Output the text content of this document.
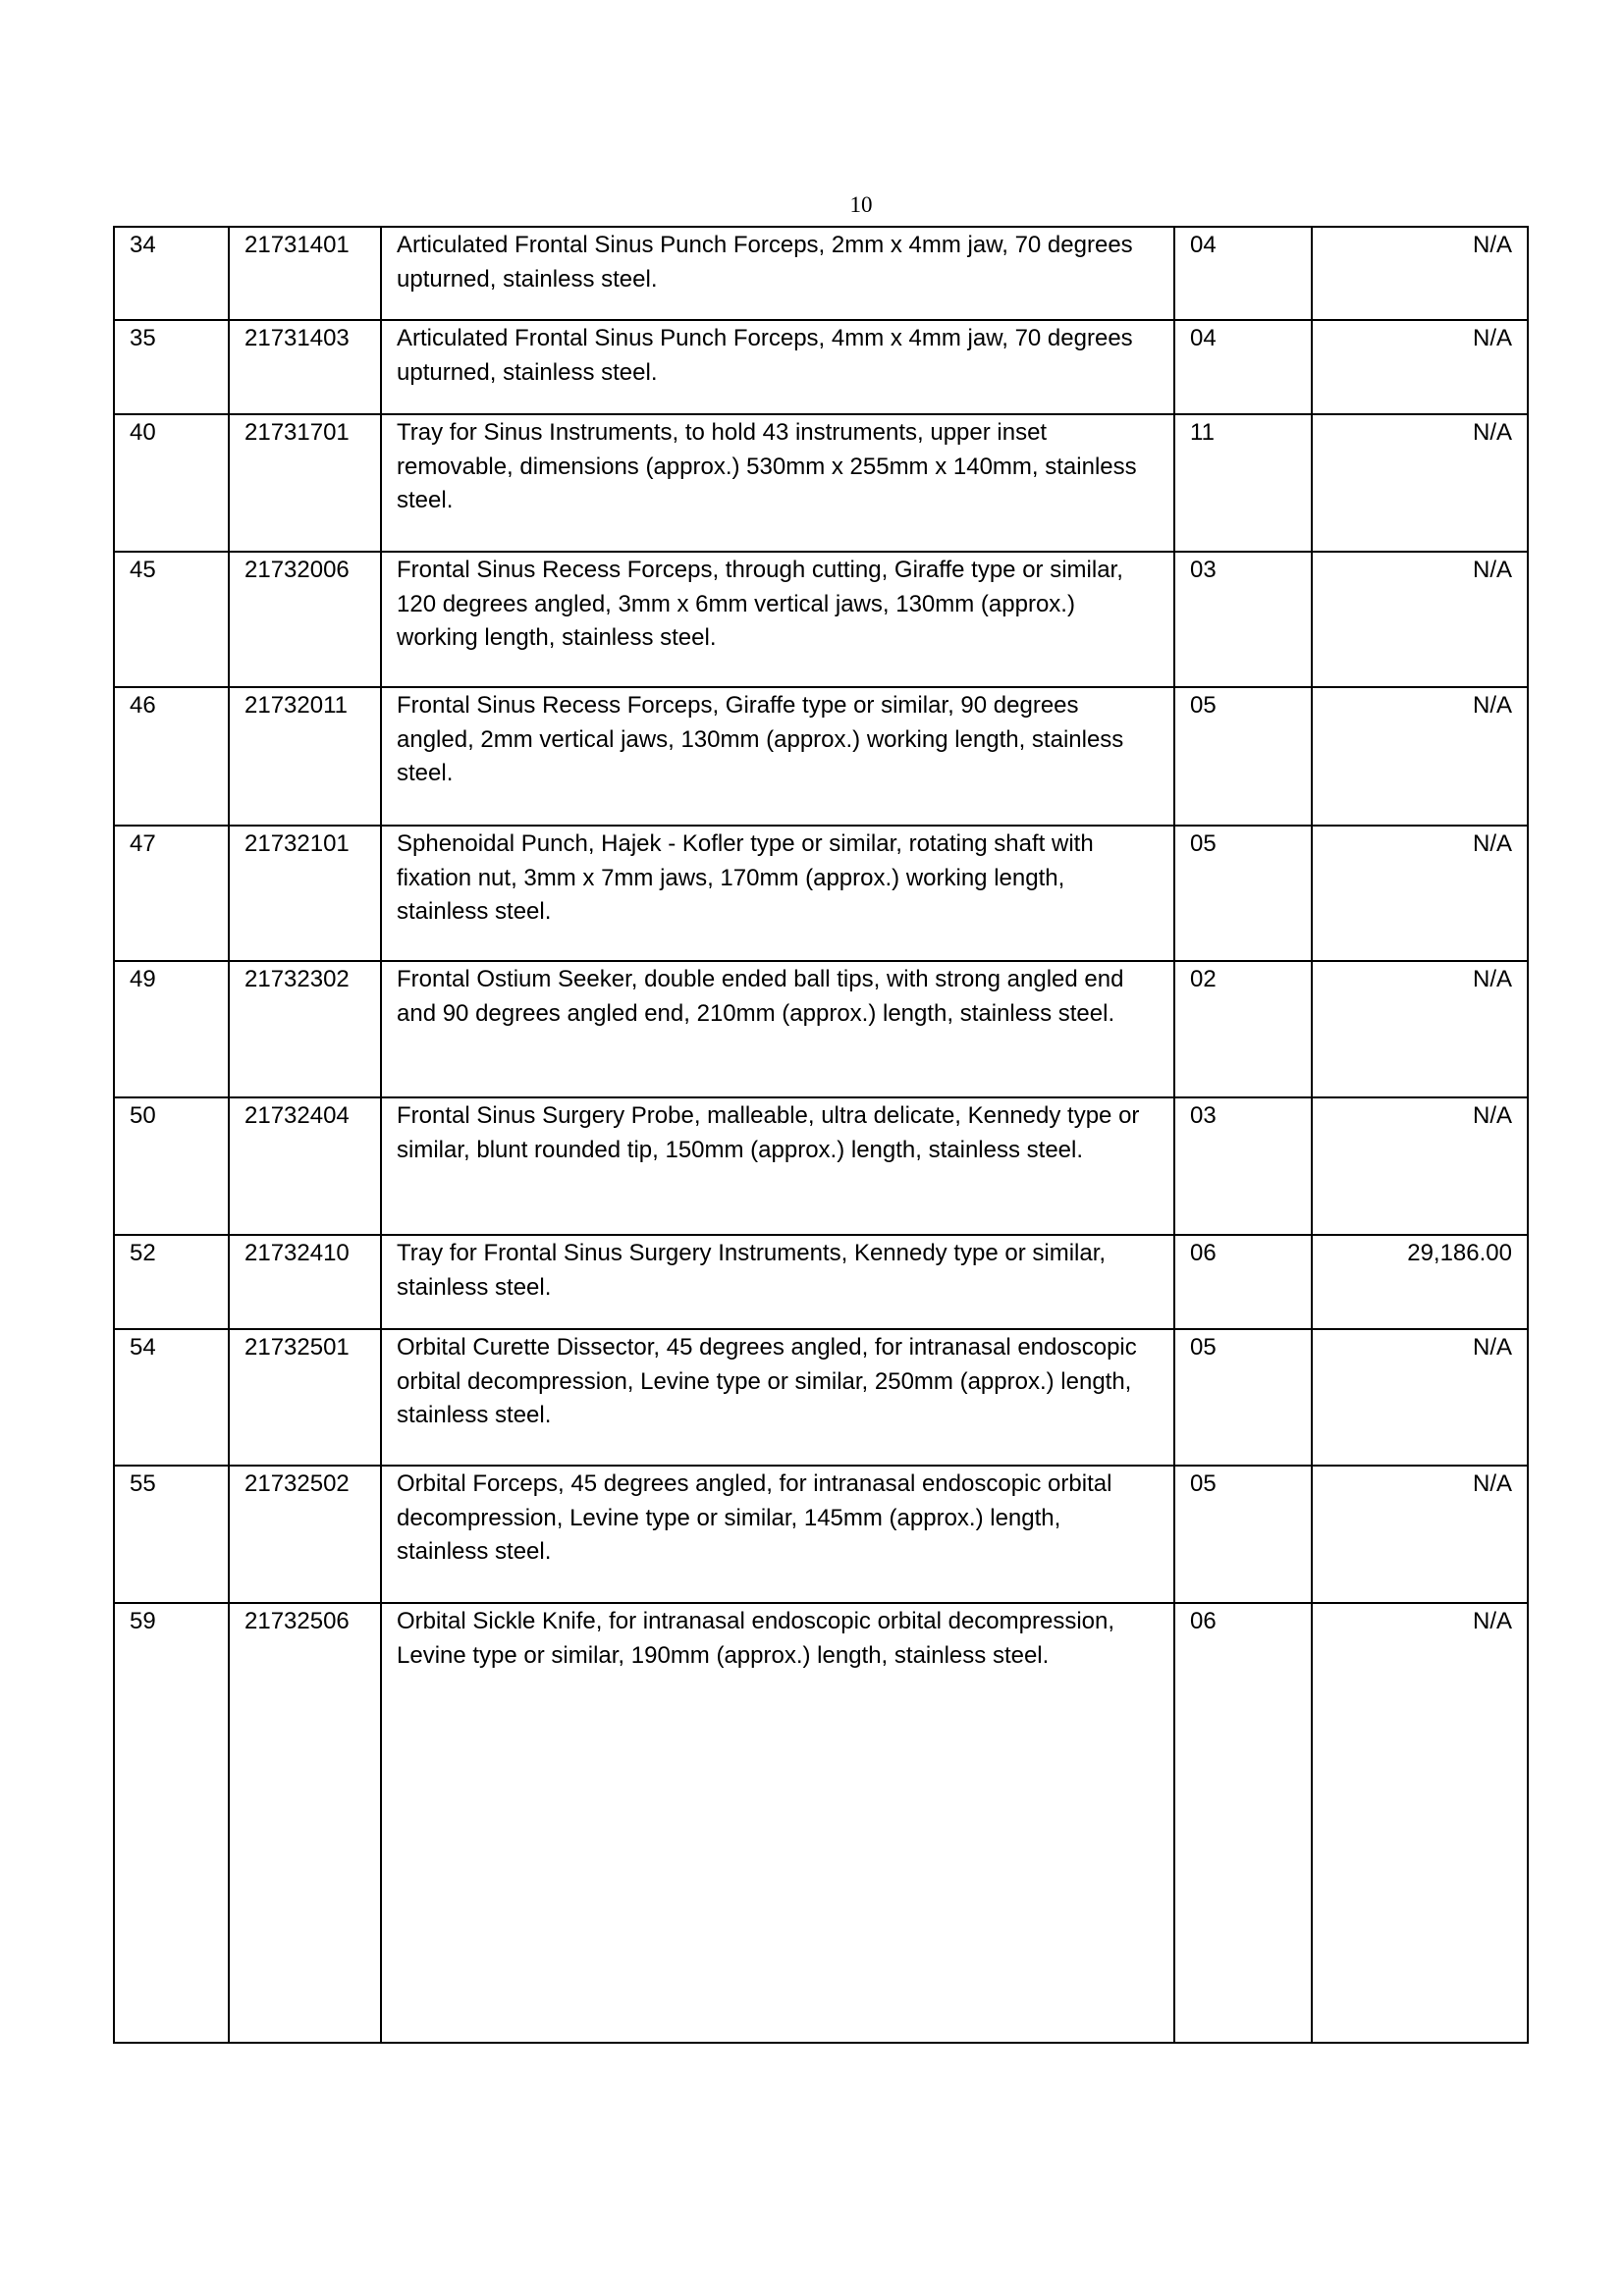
10
34	21731401	Articulated Frontal Sinus Punch Forceps, 2mm x 4mm jaw, 70 degrees upturned, stainless steel.	04	N/A
35	21731403	Articulated Frontal Sinus Punch Forceps, 4mm x 4mm jaw, 70 degrees upturned, stainless steel.	04	N/A
40	21731701	Tray for Sinus Instruments, to hold 43 instruments, upper inset removable, dimensions (approx.) 530mm x 255mm x 140mm, stainless steel.	11	N/A
45	21732006	Frontal Sinus Recess Forceps, through cutting, Giraffe type or similar, 120 degrees angled, 3mm x 6mm vertical jaws, 130mm (approx.) working length, stainless steel.	03	N/A
46	21732011	Frontal Sinus Recess Forceps, Giraffe type or similar, 90 degrees angled, 2mm vertical jaws, 130mm (approx.) working length, stainless steel.	05	N/A
47	21732101	Sphenoidal Punch, Hajek - Kofler type or similar, rotating shaft with fixation nut, 3mm x 7mm jaws, 170mm (approx.) working length, stainless steel.	05	N/A
49	21732302	Frontal Ostium Seeker, double ended ball tips, with strong angled end and 90 degrees angled end, 210mm (approx.) length, stainless steel.	02	N/A
50	21732404	Frontal Sinus Surgery Probe, malleable, ultra delicate, Kennedy type or similar, blunt rounded tip, 150mm (approx.) length, stainless steel.	03	N/A
52	21732410	Tray for Frontal Sinus Surgery Instruments, Kennedy type or similar, stainless steel.	06	29,186.00
54	21732501	Orbital Curette Dissector, 45 degrees angled, for intranasal endoscopic orbital decompression, Levine type or similar, 250mm (approx.) length, stainless steel.	05	N/A
55	21732502	Orbital Forceps, 45 degrees angled, for intranasal endoscopic orbital decompression, Levine type or similar, 145mm (approx.) length, stainless steel.	05	N/A
59	21732506	Orbital Sickle Knife, for intranasal endoscopic orbital decompression, Levine type or similar, 190mm (approx.) length, stainless steel.	06	N/A
